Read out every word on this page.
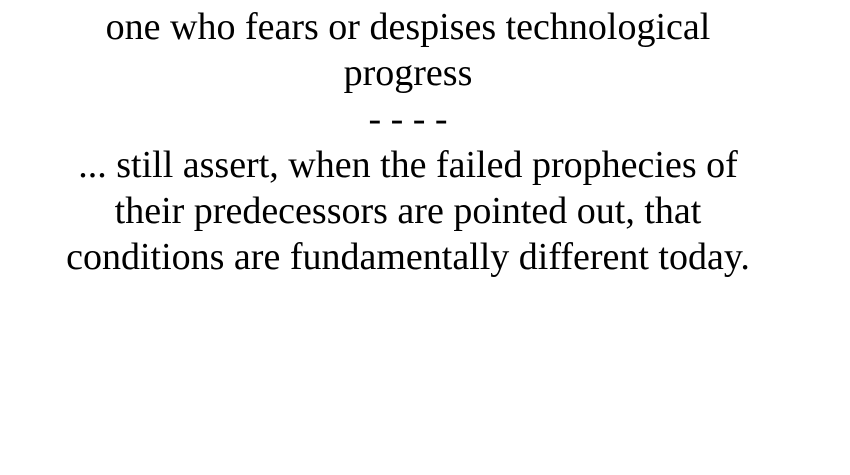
one who fears or despises technological progress

- - - -

... still assert, when the failed prophecies of their predecessors are pointed out, that conditions are fundamentally different today.
